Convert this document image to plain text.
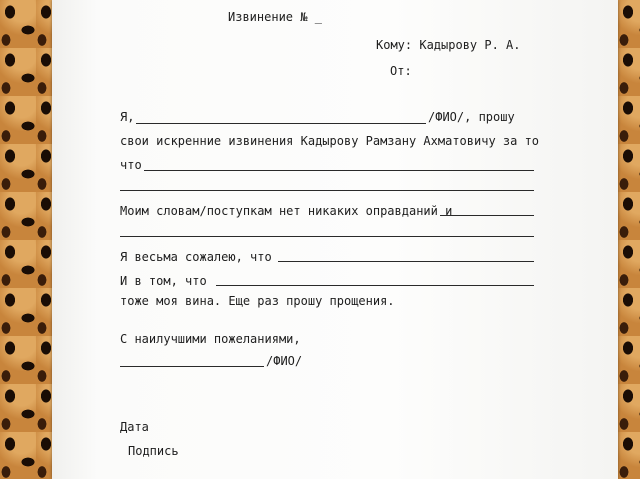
Извинение № _
Кому: Кадырову Р. А.
От:
Я,	/ФИО/, прошу
свои искренние извинения Кадырову Рамзану Ахматовичу за то
что
Моим словам/поступкам нет никаких оправданий и
Я весьма сожалею, что
И в том, что
тоже моя вина. Еще раз прошу прощения.
С наилучшими пожеланиями,
/ФИО/
Дата
Подпись
